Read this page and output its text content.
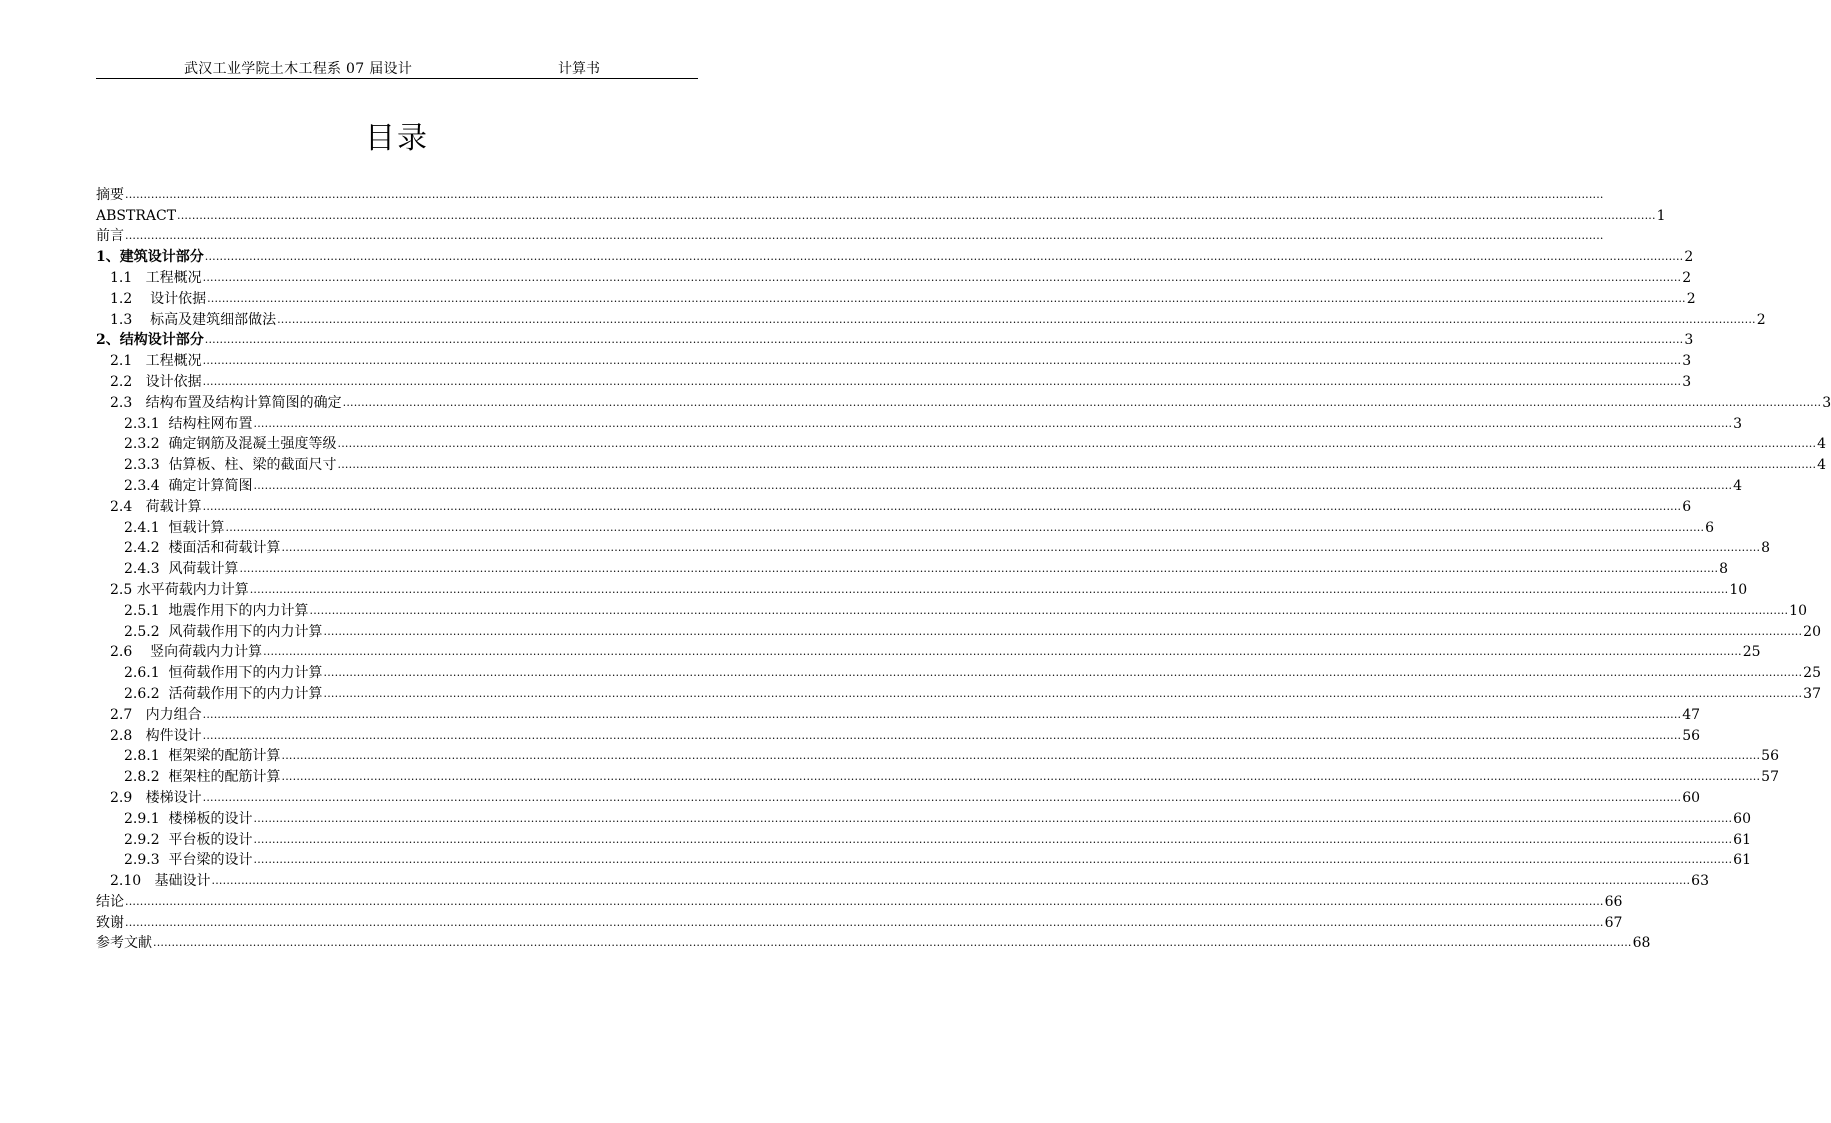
武汉工业学院土木工程系 07 届设计	计算书
目录
摘要 ................................................................................................................................................................................................................................................................................................................................................................................................................
ABSTRACT ................................................................................................................................................................................................................................................................................................................................................................................................................ 1
前言 ................................................................................................................................................................................................................................................................................................................................................................................................................
1、 建筑设计部分 ................................................................................................................................................................................................................................................................................................................................................................................................................ 2
1.1 工程概况 ................................................................................................................................................................................................................................................................................................................................................................................................................ 2
1.2 设计依据 ................................................................................................................................................................................................................................................................................................................................................................................................................ 2
1.3 标高及建筑细部做法 ................................................................................................................................................................................................................................................................................................................................................................................................................ 2
2、 结构设计部分 ................................................................................................................................................................................................................................................................................................................................................................................................................ 3
2.1 工程概况 ................................................................................................................................................................................................................................................................................................................................................................................................................ 3
2.2 设计依据 ................................................................................................................................................................................................................................................................................................................................................................................................................ 3
2.3 结构布置及结构计算简图的确定 ................................................................................................................................................................................................................................................................................................................................................................................................................ 3
2.3.1 结构柱网布置 ................................................................................................................................................................................................................................................................................................................................................................................................................ 3
2.3.2 确定钢筋及混凝土强度等级 ................................................................................................................................................................................................................................................................................................................................................................................................................ 4
2.3.3 估算板、柱、梁的截面尺寸 ................................................................................................................................................................................................................................................................................................................................................................................................................ 4
2.3.4 确定计算简图 ................................................................................................................................................................................................................................................................................................................................................................................................................ 4
2.4 荷载计算 ................................................................................................................................................................................................................................................................................................................................................................................................................ 6
2.4.1 恒载计算 ................................................................................................................................................................................................................................................................................................................................................................................................................ 6
2.4.2 楼面活和荷载计算 ................................................................................................................................................................................................................................................................................................................................................................................................................ 8
2.4.3 风荷载计算 ................................................................................................................................................................................................................................................................................................................................................................................................................ 8
2.5 水平荷载内力计算 ................................................................................................................................................................................................................................................................................................................................................................................................................ 10
2.5.1 地震作用下的内力计算 ................................................................................................................................................................................................................................................................................................................................................................................................................ 10
2.5.2 风荷载作用下的内力计算 ................................................................................................................................................................................................................................................................................................................................................................................................................ 20
2.6 竖向荷载内力计算 ................................................................................................................................................................................................................................................................................................................................................................................................................ 25
2.6.1 恒荷载作用下的内力计算 ................................................................................................................................................................................................................................................................................................................................................................................................................ 25
2.6.2 活荷载作用下的内力计算 ................................................................................................................................................................................................................................................................................................................................................................................................................ 37
2.7 内力组合 ................................................................................................................................................................................................................................................................................................................................................................................................................ 47
2.8 构件设计 ................................................................................................................................................................................................................................................................................................................................................................................................................ 56
2.8.1 框架梁的配筋计算 ................................................................................................................................................................................................................................................................................................................................................................................................................ 56
2.8.2 框架柱的配筋计算 ................................................................................................................................................................................................................................................................................................................................................................................................................ 57
2.9 楼梯设计 ................................................................................................................................................................................................................................................................................................................................................................................................................ 60
2.9.1 楼梯板的设计 ................................................................................................................................................................................................................................................................................................................................................................................................................ 60
2.9.2 平台板的设计 ................................................................................................................................................................................................................................................................................................................................................................................................................ 61
2.9.3 平台梁的设计 ................................................................................................................................................................................................................................................................................................................................................................................................................ 61
2.10 基础设计 ................................................................................................................................................................................................................................................................................................................................................................................................................ 63
结论 ................................................................................................................................................................................................................................................................................................................................................................................................................ 66
致谢 ................................................................................................................................................................................................................................................................................................................................................................................................................ 67
参考文献 ................................................................................................................................................................................................................................................................................................................................................................................................................ 68
